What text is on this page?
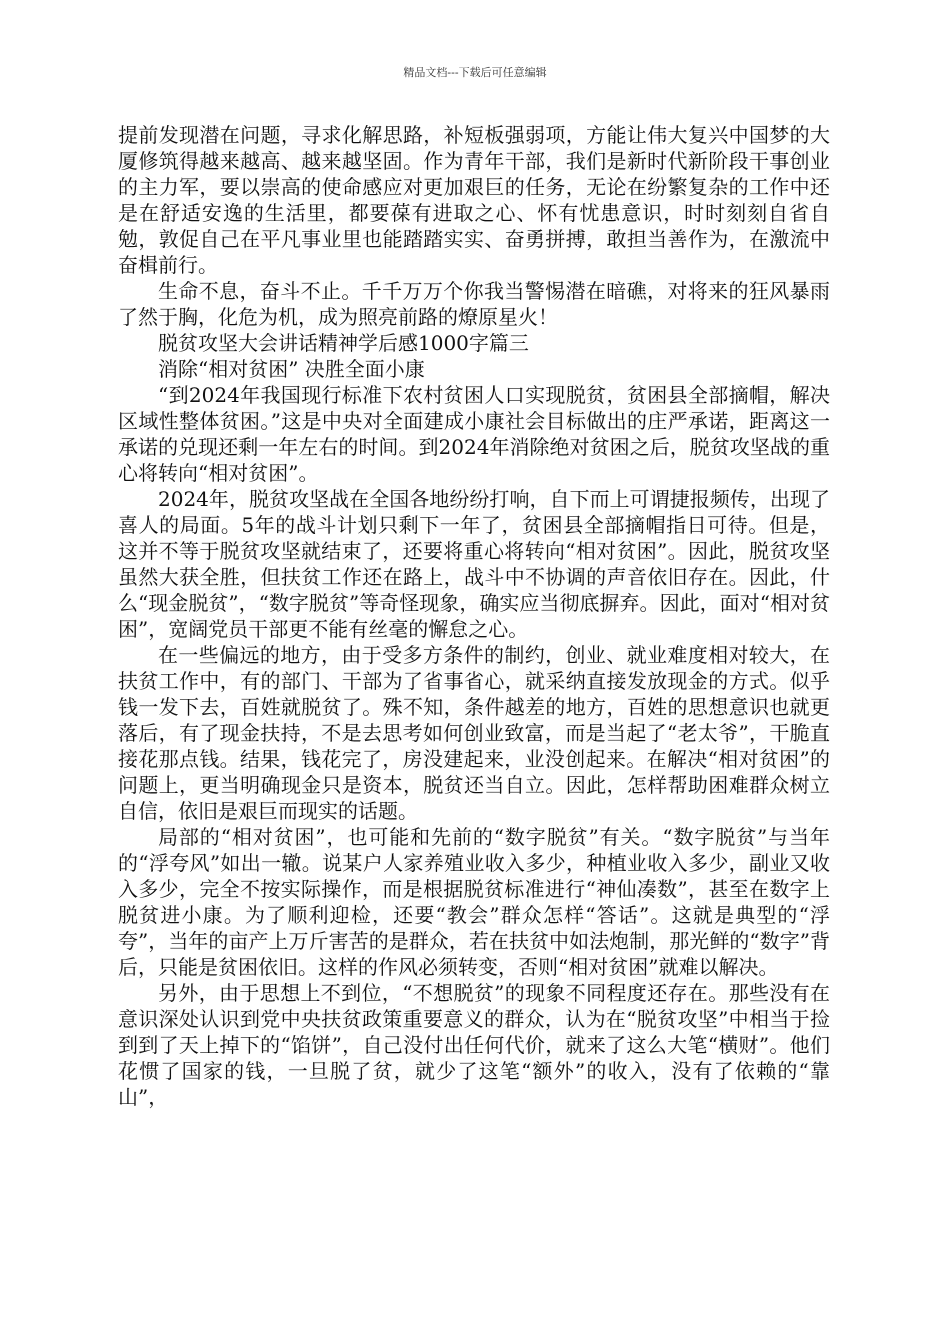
精品文档---下载后可任意编辑

提前发现潜在问题，寻求化解思路，补短板强弱项，方能让伟大复兴中国梦的大厦修筑得越来越高、越来越坚固。作为青年干部，我们是新时代新阶段干事创业的主力军，要以崇高的使命感应对更加艰巨的任务，无论在纷繁复杂的工作中还是在舒适安逸的生活里，都要葆有进取之心、怀有忧患意识，时时刻刻自省自勉，敦促自己在平凡事业里也能踏踏实实、奋勇拼搏，敢担当善作为，在激流中奋楫前行。

生命不息，奋斗不止。千千万万个你我当警惕潜在暗礁，对将来的狂风暴雨了然于胸，化危为机，成为照亮前路的燎原星火！

脱贫攻坚大会讲话精神学后感1000字篇三

消除“相对贫困” 决胜全面小康

“到2024年我国现行标准下农村贫困人口实现脱贫，贫困县全部摘帽，解决区域性整体贫困。”这是中央对全面建成小康社会目标做出的庄严承诺，距离这一承诺的兑现还剩一年左右的时间。到2024年消除绝对贫困之后，脱贫攻坚战的重心将转向“相对贫困”。

2024年，脱贫攻坚战在全国各地纷纷打响，自下而上可谓捷报频传，出现了喜人的局面。5年的战斗计划只剩下一年了，贫困县全部摘帽指日可待。但是，这并不等于脱贫攻坚就结束了，还要将重心将转向“相对贫困”。因此，脱贫攻坚虽然大获全胜，但扶贫工作还在路上，战斗中不协调的声音依旧存在。因此，什么“现金脱贫”，“数字脱贫”等奇怪现象，确实应当彻底摒弃。因此，面对“相对贫困”，宽阔党员干部更不能有丝毫的懈怠之心。

在一些偏远的地方，由于受多方条件的制约，创业、就业难度相对较大，在扶贫工作中，有的部门、干部为了省事省心，就采纳直接发放现金的方式。似乎钱一发下去，百姓就脱贫了。殊不知，条件越差的地方，百姓的思想意识也就更落后，有了现金扶持，不是去思考如何创业致富，而是当起了“老太爷”，干脆直接花那点钱。结果，钱花完了，房没建起来，业没创起来。在解决“相对贫困”的问题上，更当明确现金只是资本，脱贫还当自立。因此，怎样帮助困难群众树立自信，依旧是艰巨而现实的话题。

局部的“相对贫困”，也可能和先前的“数字脱贫”有关。“数字脱贫”与当年的“浮夸风”如出一辙。说某户人家养殖业收入多少，种植业收入多少，副业又收入多少，完全不按实际操作，而是根据脱贫标准进行“神仙凑数”，甚至在数字上脱贫进小康。为了顺利迎检，还要“教会”群众怎样“答话”。这就是典型的“浮夸”，当年的亩产上万斤害苦的是群众，若在扶贫中如法炮制，那光鲜的“数字”背后，只能是贫困依旧。这样的作风必须转变，否则“相对贫困”就难以解决。

另外，由于思想上不到位，“不想脱贫”的现象不同程度还存在。那些没有在意识深处认识到党中央扶贫政策重要意义的群众，认为在“脱贫攻坚”中相当于捡到到了天上掉下的“馅饼”，自己没付出任何代价，就来了这么大笔“横财”。他们花惯了国家的钱，一旦脱了贫，就少了这笔“额外”的收入，没有了依赖的“靠山”，
